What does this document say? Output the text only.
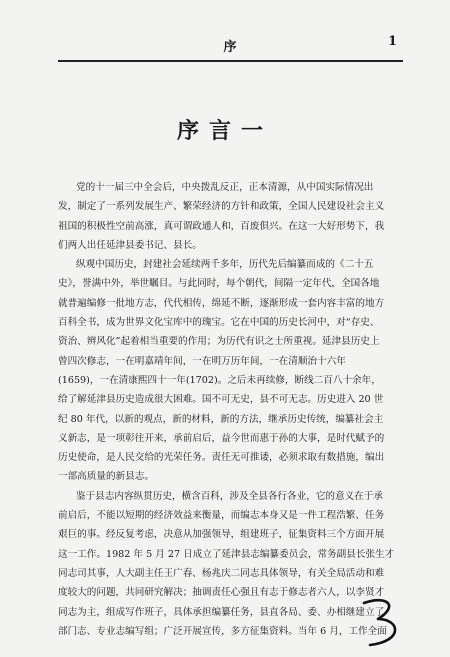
序	1
序言一
党的十一届三中全会后，中央拨乱反正，正本清源，从中国实际情况出
发，制定了一系列发展生产、繁荣经济的方针和政策，全国人民建设社会主义
祖国的积极性空前高涨，真可谓政通人和，百废俱兴。在这一大好形势下，我
们两人出任延津县委书记、县长。
纵观中国历史，封建社会延续两千多年，历代先后编纂而成的《二十五
史》，誉满中外，举世瞩目。与此同时，每个朝代，间隔一定年代，全国各地
就普遍编修一批地方志，代代相传，绵延不断，逐渐形成一套内容丰富的地方
百科全书，成为世界文化宝库中的瑰宝。它在中国的历史长河中，对“存史、
资治、辨风化”起着相当重要的作用；为历代有识之士所重视。延津县历史上
曾四次修志，一在明嘉靖年间，一在明万历年间，一在清顺治十六年
(1659)，一在清康熙四十一年(1702)。之后未再续修，断线二百八十余年，
给了解延津县历史造成很大困难。国不可无史，县不可无志。历史进入 20 世
纪 80 年代，以新的观点，新的材料，新的方法，继承历史传统，编纂社会主
义新志，是一项彰往开来，承前启后，益今世而惠于孙的大事，是时代赋予的
历史使命，是人民交给的光荣任务。责任无可推诿，必须求取有数措施，编出
一部高质量的新县志。
鉴于县志内容纵贯历史，横含百科，涉及全县各行各业，它的意义在于承
前启后，不能以短期的经济效益来衡量，而编志本身又是一件工程浩繁、任务
艰巨的事。经反复考虑，决意从加强领导，组建班子，征集资料三个方面开展
这一工作。1982 年 5 月 27 日成立了延津县志编纂委员会，常务副县长张生才
同志司其事，人大副主任王广春、杨兆庆二同志具体领导，有关全局活动和难
度较大的问题，共同研究解决；抽调责任心强且有志于修志者六人，以李贤才
同志为主，组成写作班子，具体承担编纂任务，县直各局、委、办相继建立了
部门志、专业志编写组；广泛开展宣传，多方征集资料。当年 6 月，工作全面
